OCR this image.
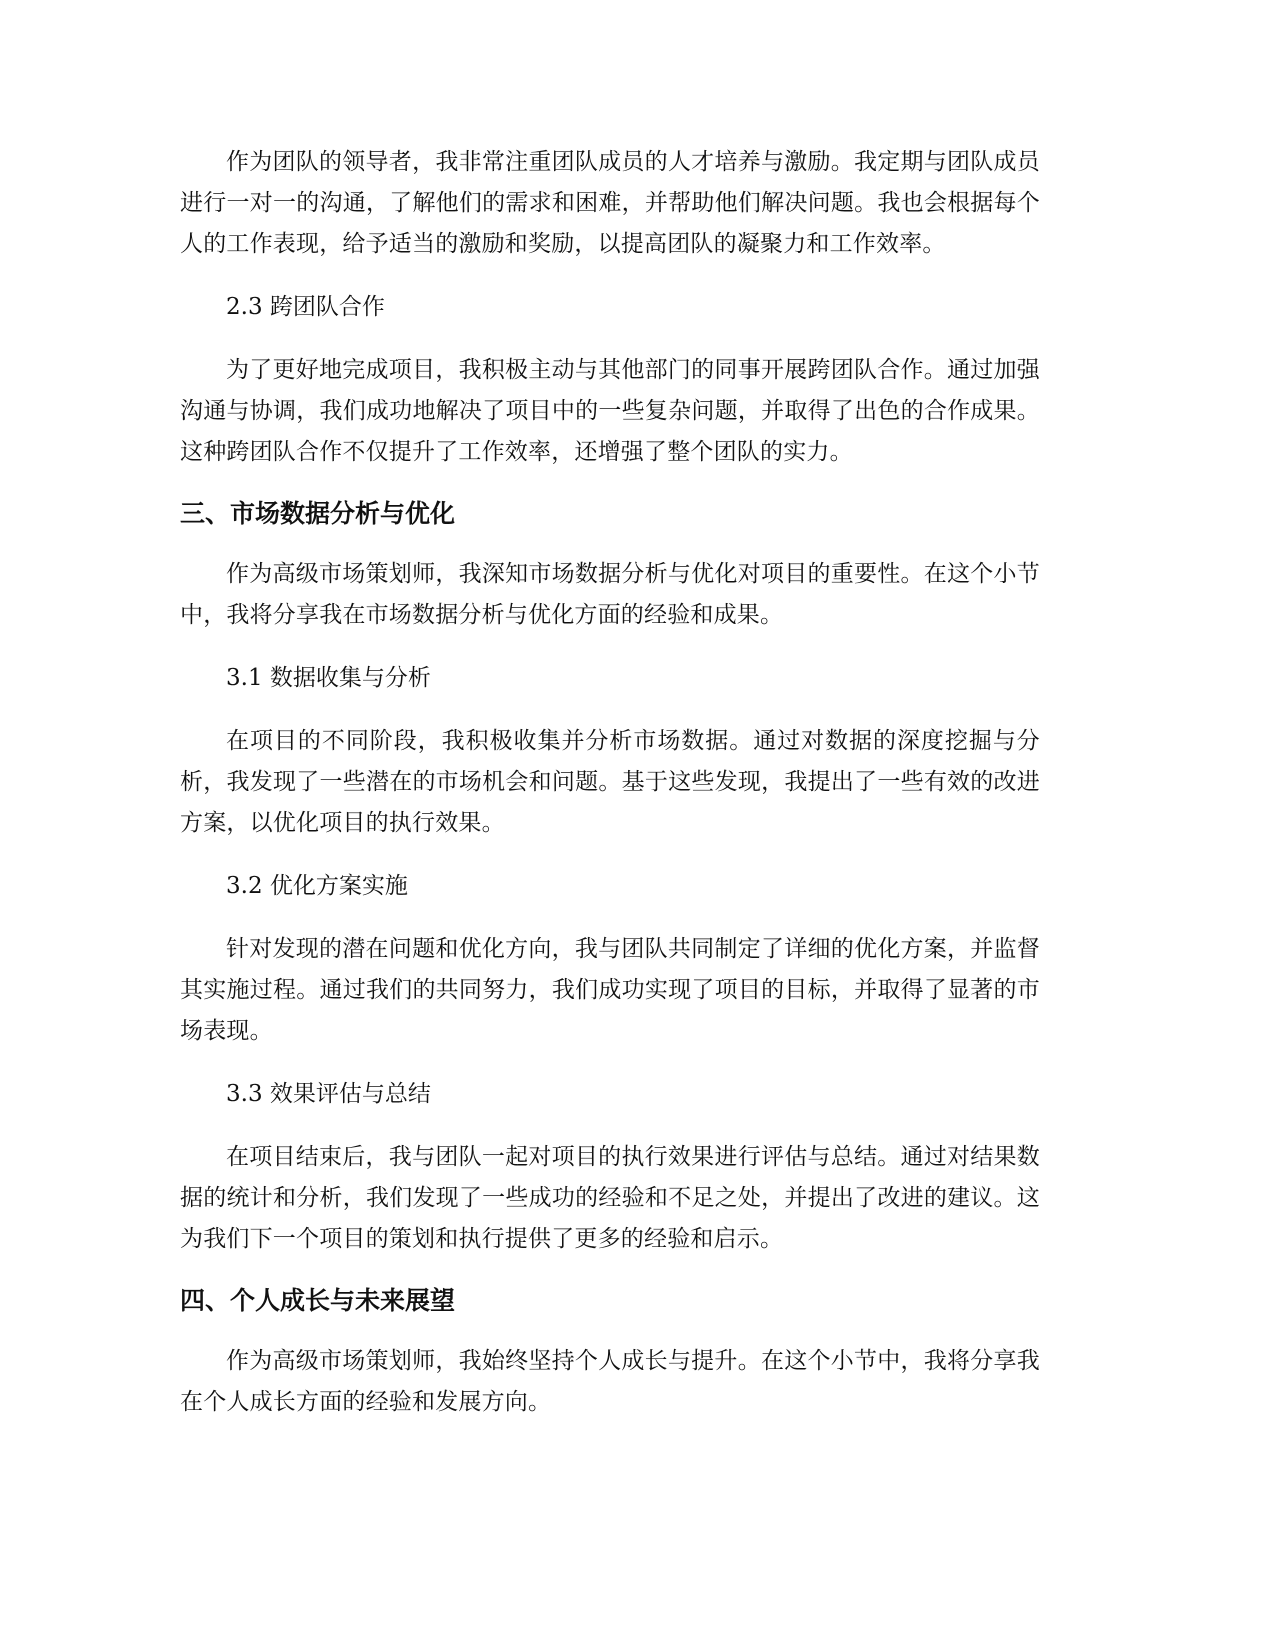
作为团队的领导者，我非常注重团队成员的人才培养与激励。我定期与团队成员进行一对一的沟通，了解他们的需求和困难，并帮助他们解决问题。我也会根据每个人的工作表现，给予适当的激励和奖励，以提高团队的凝聚力和工作效率。

2.3 跨团队合作

为了更好地完成项目，我积极主动与其他部门的同事开展跨团队合作。通过加强沟通与协调，我们成功地解决了项目中的一些复杂问题，并取得了出色的合作成果。这种跨团队合作不仅提升了工作效率，还增强了整个团队的实力。

三、市场数据分析与优化

作为高级市场策划师，我深知市场数据分析与优化对项目的重要性。在这个小节中，我将分享我在市场数据分析与优化方面的经验和成果。

3.1 数据收集与分析

在项目的不同阶段，我积极收集并分析市场数据。通过对数据的深度挖掘与分析，我发现了一些潜在的市场机会和问题。基于这些发现，我提出了一些有效的改进方案，以优化项目的执行效果。

3.2 优化方案实施

针对发现的潜在问题和优化方向，我与团队共同制定了详细的优化方案，并监督其实施过程。通过我们的共同努力，我们成功实现了项目的目标，并取得了显著的市场表现。

3.3 效果评估与总结

在项目结束后，我与团队一起对项目的执行效果进行评估与总结。通过对结果数据的统计和分析，我们发现了一些成功的经验和不足之处，并提出了改进的建议。这为我们下一个项目的策划和执行提供了更多的经验和启示。

四、个人成长与未来展望

作为高级市场策划师，我始终坚持个人成长与提升。在这个小节中，我将分享我在个人成长方面的经验和发展方向。
